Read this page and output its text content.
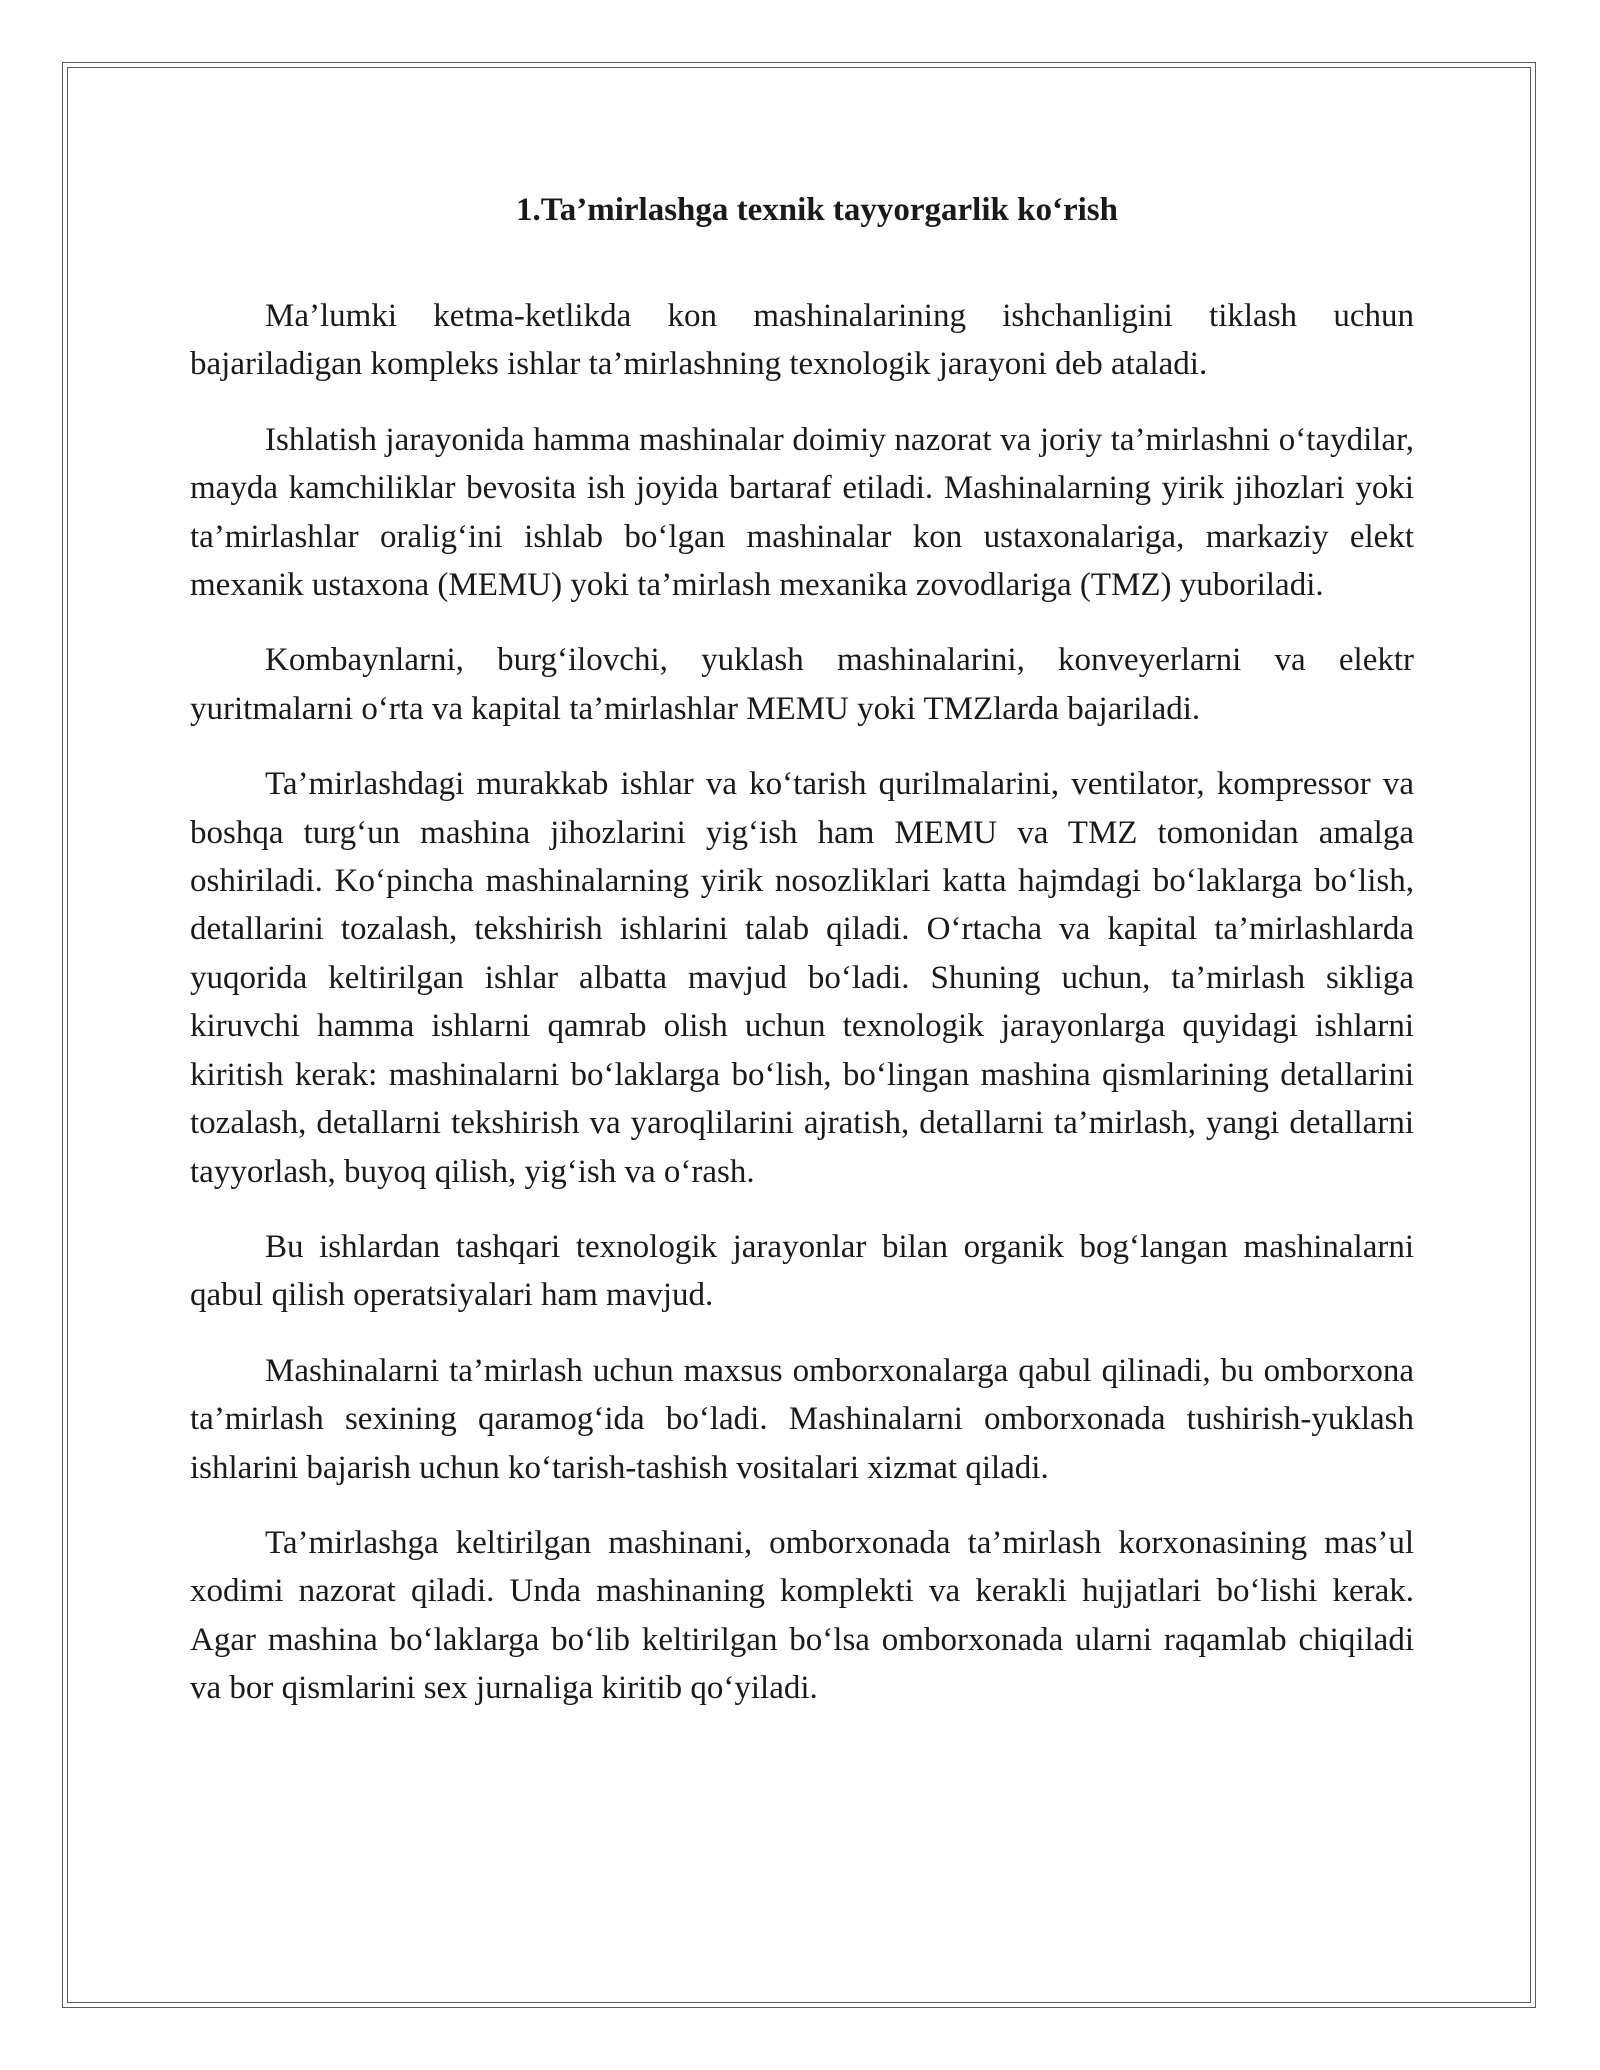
1.Ta’mirlashga texnik tayyorgarlik ko‘rish

Ma’lumki ketma-ketlikda kon mashinalarining ishchanligini tiklash uchun bajariladigan kompleks ishlar ta’mirlashning texnologik jarayoni deb ataladi.

Ishlatish jarayonida hamma mashinalar doimiy nazorat va joriy ta’mirlashni o‘taydilar, mayda kamchiliklar bevosita ish joyida bartaraf etiladi. Mashinalarning yirik jihozlari yoki ta’mirlashlar oralig‘ini ishlab bo‘lgan mashinalar kon ustaxonalariga, markaziy elekt mexanik ustaxona (MEMU) yoki ta’mirlash mexanika zovodlariga (TMZ) yuboriladi.

Kombaynlarni, burg‘ilovchi, yuklash mashinalarini, konveyerlarni va elektr yuritmalarni o‘rta va kapital ta’mirlashlar MEMU yoki TMZlarda bajariladi.

Ta’mirlashdagi murakkab ishlar va ko‘tarish qurilmalarini, ventilator, kompressor va boshqa turg‘un mashina jihozlarini yig‘ish ham MEMU va TMZ tomonidan amalga oshiriladi. Ko‘pincha mashinalarning yirik nosozliklari katta hajmdagi bo‘laklarga bo‘lish, detallarini tozalash, tekshirish ishlarini talab qiladi. O‘rtacha va kapital ta’mirlashlarda yuqorida keltirilgan ishlar albatta mavjud bo‘ladi. Shuning uchun, ta’mirlash sikliga kiruvchi hamma ishlarni qamrab olish uchun texnologik jarayonlarga quyidagi ishlarni kiritish kerak: mashinalarni bo‘laklarga bo‘lish, bo‘lingan mashina qismlarining detallarini tozalash, detallarni tekshirish va yaroqlilarini ajratish, detallarni ta’mirlash, yangi detallarni tayyorlash, buyoq qilish, yig‘ish va o‘rash.

Bu ishlardan tashqari texnologik jarayonlar bilan organik bog‘langan mashinalarni qabul qilish operatsiyalari ham mavjud.

Mashinalarni ta’mirlash uchun maxsus omborxonalarga qabul qilinadi, bu omborxona ta’mirlash sexining qaramog‘ida bo‘ladi. Mashinalarni omborxonada tushirish-yuklash ishlarini bajarish uchun ko‘tarish-tashish vositalari xizmat qiladi.

Ta’mirlashga keltirilgan mashinani, omborxonada ta’mirlash korxonasining mas’ul xodimi nazorat qiladi. Unda mashinaning komplekti va kerakli hujjatlari bo‘lishi kerak. Agar mashina bo‘laklarga bo‘lib keltirilgan bo‘lsa omborxonada ularni raqamlab chiqiladi va bor qismlarini sex jurnaliga kiritib qo‘yiladi.
